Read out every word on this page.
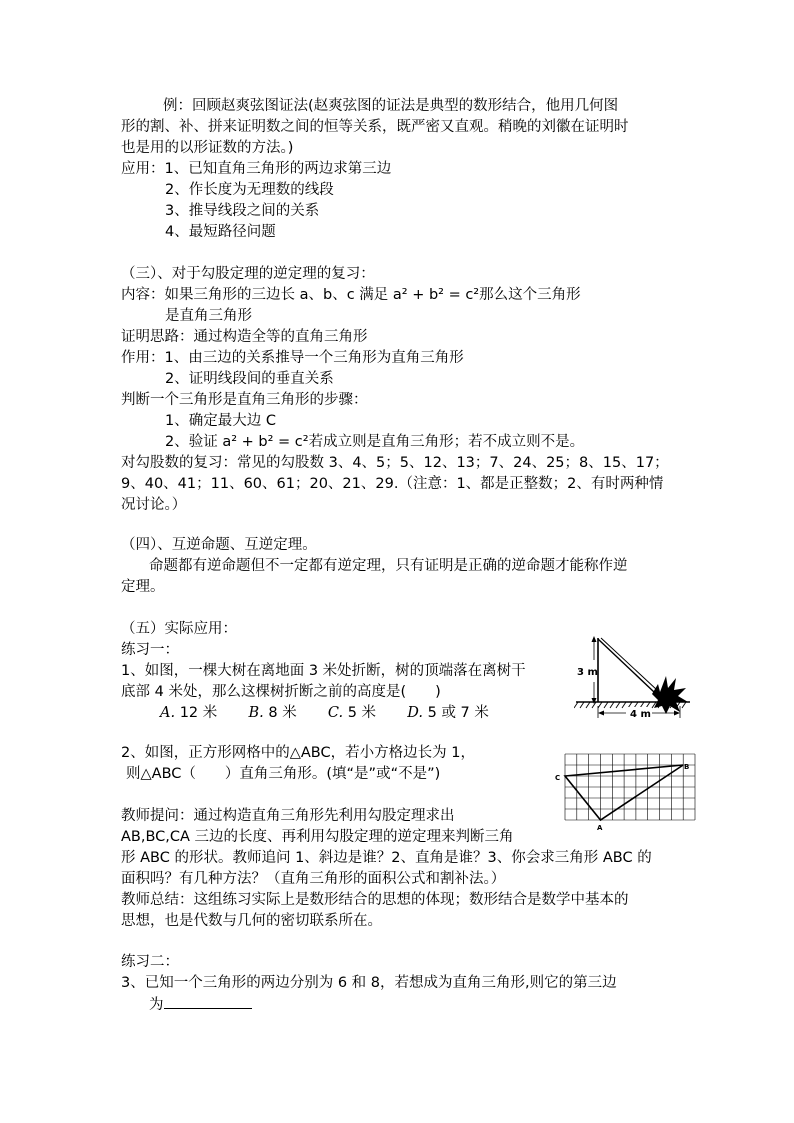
例：回顾赵爽弦图证法(赵爽弦图的证法是典型的数形结合，他用几何图
形的割、补、拼来证明数之间的恒等关系，既严密又直观。稍晚的刘徽在证明时
也是用的以形证数的方法。)
应用：1、已知直角三角形的两边求第三边
2、作长度为无理数的线段
3、推导线段之间的关系
4、最短路径问题
（三）、对于勾股定理的逆定理的复习：
内容：如果三角形的三边长 a、b、c 满足 a² + b² = c²那么这个三角形
是直角三角形
证明思路：通过构造全等的直角三角形
作用：1、由三边的关系推导一个三角形为直角三角形
2、证明线段间的垂直关系
判断一个三角形是直角三角形的步骤：
1、确定最大边 C
2、验证 a² + b² = c²若成立则是直角三角形；若不成立则不是。
对勾股数的复习：常见的勾股数 3、4、5；5、12、13；7、24、25；8、15、17；
9、40、41；11、60、61；20、21、29.（注意：1、都是正整数；2、有时两种情
况讨论。）
（四）、互逆命题、互逆定理。
命题都有逆命题但不一定都有逆定理，只有证明是正确的逆命题才能称作逆
定理。
（五）实际应用：
练习一：
1、如图，一棵大树在离地面 3 米处折断，树的顶端落在离树干
底部 4 米处，那么这棵树折断之前的高度是(　　)
A. 12 米 B. 8 米 C. 5 米 D. 5 或 7 米
2、如图，正方形网格中的△ABC，若小方格边长为 1，
则△ABC（　　）直角三角形。(填“是”或“不是”)
教师提问：通过构造直角三角形先利用勾股定理求出
AB,BC,CA 三边的长度、再利用勾股定理的逆定理来判断三角
形 ABC 的形状。教师追问 1、斜边是谁？2、直角是谁？3、你会求三角形 ABC 的
面积吗？有几种方法？（直角三角形的面积公式和割补法。）
教师总结：这组练习实际上是数形结合的思想的体现；数形结合是数学中基本的
思想，也是代数与几何的密切联系所在。
练习二：
3、已知一个三角形的两边分别为 6 和 8，若想成为直角三角形,则它的第三边
为
3 m
4 m
C
B
A
